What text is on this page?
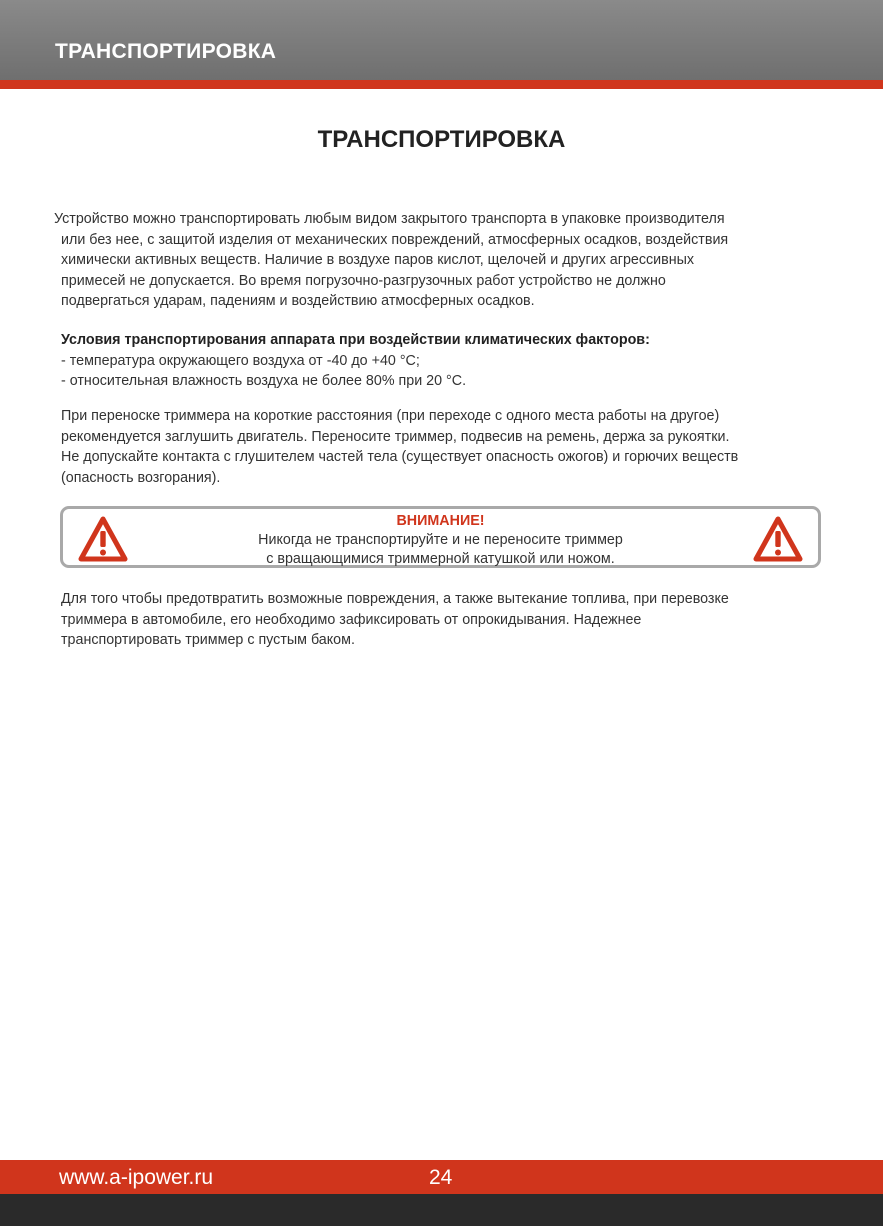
ТРАНСПОРТИРОВКА
ТРАНСПОРТИРОВКА
Устройство можно транспортировать любым видом закрытого транспорта в упаковке производителя
или без нее, с защитой изделия от механических повреждений, атмосферных осадков, воздействия
химически активных веществ. Наличие в воздухе паров кислот, щелочей и других агрессивных
примесей не допускается. Во время погрузочно-разгрузочных работ устройство не должно
подвергаться ударам, падениям и воздействию атмосферных осадков.
Условия транспортирования аппарата при воздействии климатических факторов:
- температура окружающего воздуха от -40 до +40 °С;
- относительная влажность воздуха не более 80% при 20 °С.
При переноске триммера на короткие расстояния (при переходе с одного места работы на другое)
рекомендуется заглушить двигатель. Переносите триммер, подвесив на ремень, держа за рукоятки.
Не допускайте контакта с глушителем частей тела (существует опасность ожогов) и горючих веществ
(опасность возгорания).
ВНИМАНИЕ!
Никогда не транспортируйте и не переносите триммер
с вращающимися триммерной катушкой или ножом.
Для того чтобы предотвратить возможные повреждения, а также вытекание топлива, при перевозке
триммера в автомобиле, его необходимо зафиксировать от опрокидывания. Надежнее
транспортировать триммер с пустым баком.
www.a-ipower.ru	24
